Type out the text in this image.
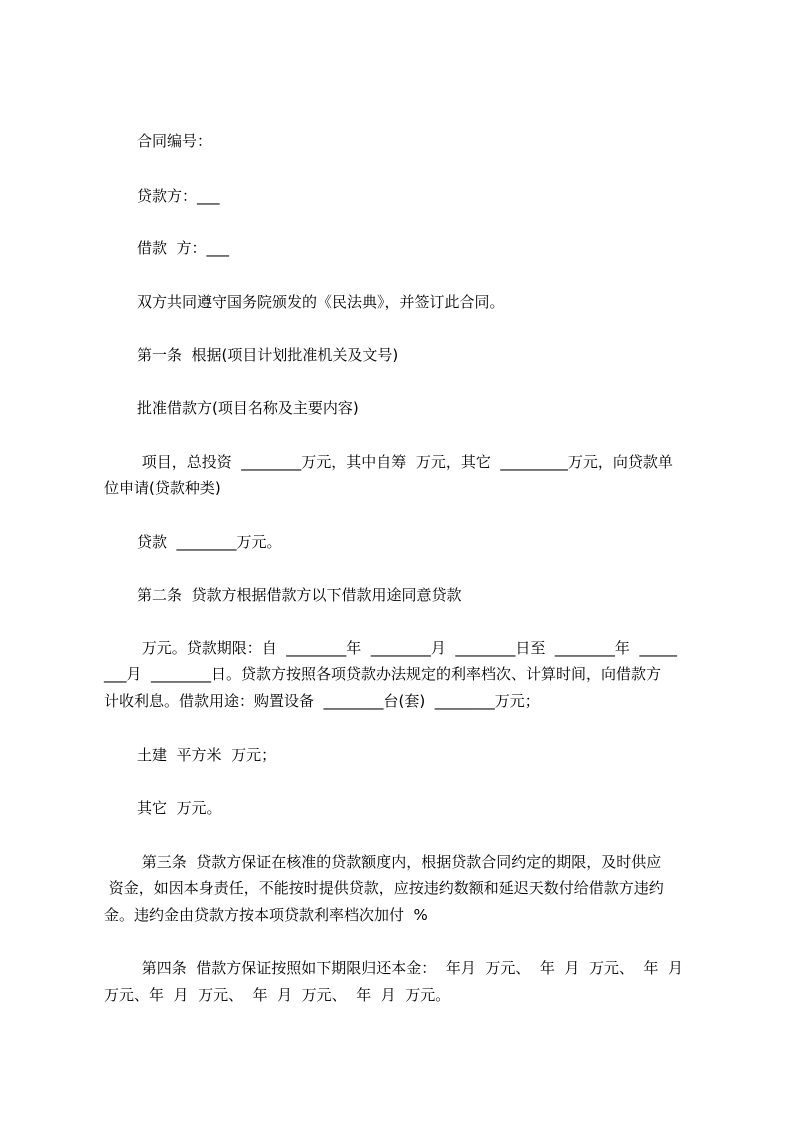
合同编号：
贷款方：___
借款  方：___
双方共同遵守国务院颁发的《民法典》，并签订此合同。
第一条  根据(项目计划批准机关及文号)
批准借款方(项目名称及主要内容)
项目，总投资  ________万元，其中自筹  万元，其它  _________万元，向贷款单
位申请(贷款种类)
贷款  ________万元。
第二条  贷款方根据借款方以下借款用途同意贷款
万元。贷款期限：自  ________年  ________月  ________日至  ________年  _____
___月  ________日。贷款方按照各项贷款办法规定的利率档次、计算时间，向借款方
计收利息。借款用途：购置设备  ________台(套)  ________万元；
土建  平方米  万元；
其它  万元。
第三条  贷款方保证在核准的贷款额度内，根据贷款合同约定的期限，及时供应
资金，如因本身责任，不能按时提供贷款，应按违约数额和延迟天数付给借款方违约
金。违约金由贷款方按本项贷款利率档次加付  %
第四条  借款方保证按照如下期限归还本金：  年月  万元、  年  月  万元、  年  月
万元、年  月  万元、  年  月  万元、  年  月  万元。
